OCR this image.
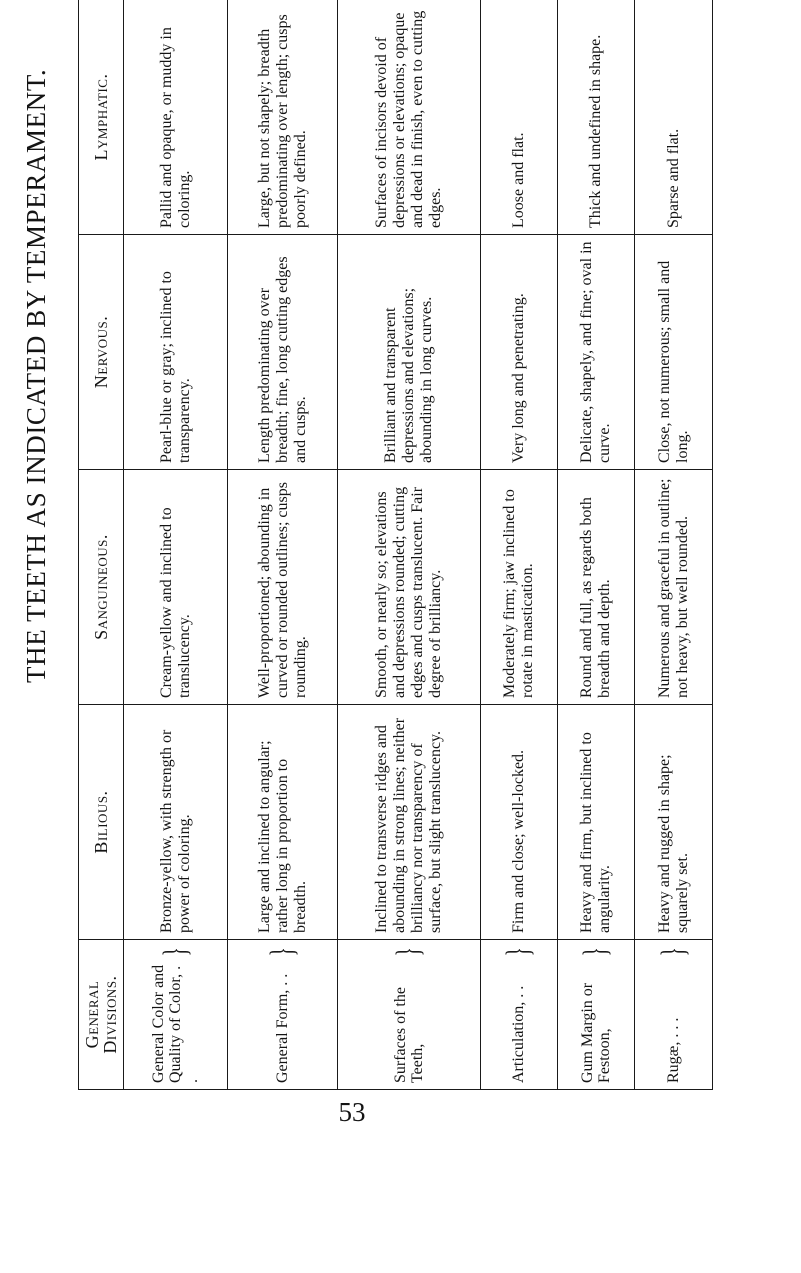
THE TEETH AS INDICATED BY TEMPERAMENT.
General Divisions.	Bilious.	Sanguineous.	Nervous.	Lymphatic.

General Color and Quality of Color, . .
}	Bronze-yellow, with strength or power of coloring.	Cream-yellow and inclined to translucency.	Pearl-blue or gray; inclined to transparency.	Pallid and opaque, or muddy in coloring.

General Form, . .
}	Large and inclined to angular; rather long in proportion to breadth.	Well-proportioned; abounding in curved or rounded outlines; cusps rounding.	Length predominating over breadth; fine, long cutting edges and cusps.	Large, but not shapely; breadth predominating over length; cusps poorly defined.

Surfaces of the Teeth,
}	Inclined to transverse ridges and abounding in strong lines; neither brilliancy nor transparency of surface, but slight translucency.	Smooth, or nearly so; elevations and depressions rounded; cutting edges and cusps translucent. Fair degree of brilliancy.	Brilliant and transparent depressions and elevations; abounding in long curves.	Surfaces of incisors devoid of depressions or elevations; opaque and dead in finish, even to cutting edges.

Articulation, . .
}	Firm and close; well-locked.	Moderately firm; jaw inclined to rotate in mastication.	Very long and penetrating.	Loose and flat.

Gum Margin or Festoon,
}	Heavy and firm, but inclined to angularity.	Round and full, as regards both breadth and depth.	Delicate, shapely, and fine; oval in curve.	Thick and undefined in shape.

Rugæ, . . .
}	Heavy and rugged in shape; squarely set.	Numerous and graceful in outline; not heavy, but well rounded.	Close, not numerous; small and long.	Sparse and flat.
53
